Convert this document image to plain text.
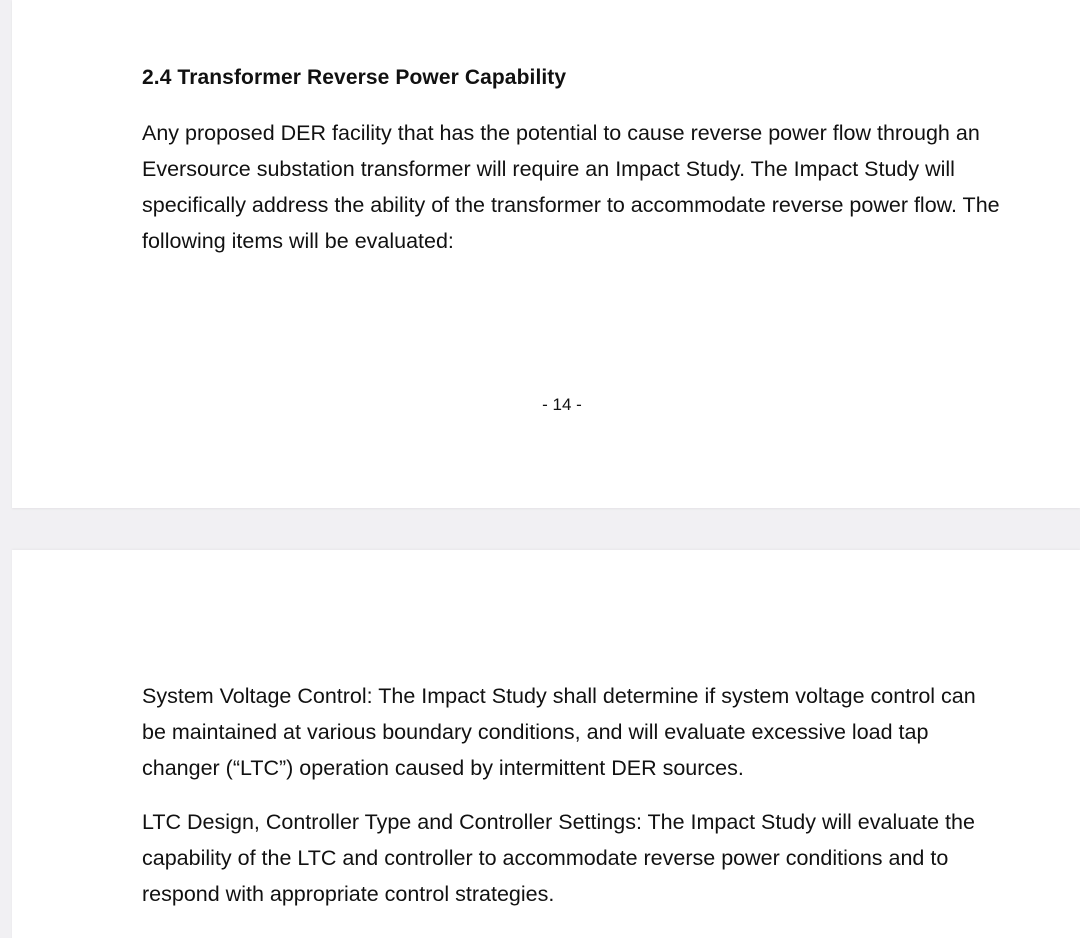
2.4 Transformer Reverse Power Capability

Any proposed DER facility that has the potential to cause reverse power flow through an Eversource substation transformer will require an Impact Study. The Impact Study will specifically address the ability of the transformer to accommodate reverse power flow. The following items will be evaluated:

- 14 -

System Voltage Control: The Impact Study shall determine if system voltage control can be maintained at various boundary conditions, and will evaluate excessive load tap changer (“LTC”) operation caused by intermittent DER sources.

LTC Design, Controller Type and Controller Settings: The Impact Study will evaluate the capability of the LTC and controller to accommodate reverse power conditions and to respond with appropriate control strategies.
